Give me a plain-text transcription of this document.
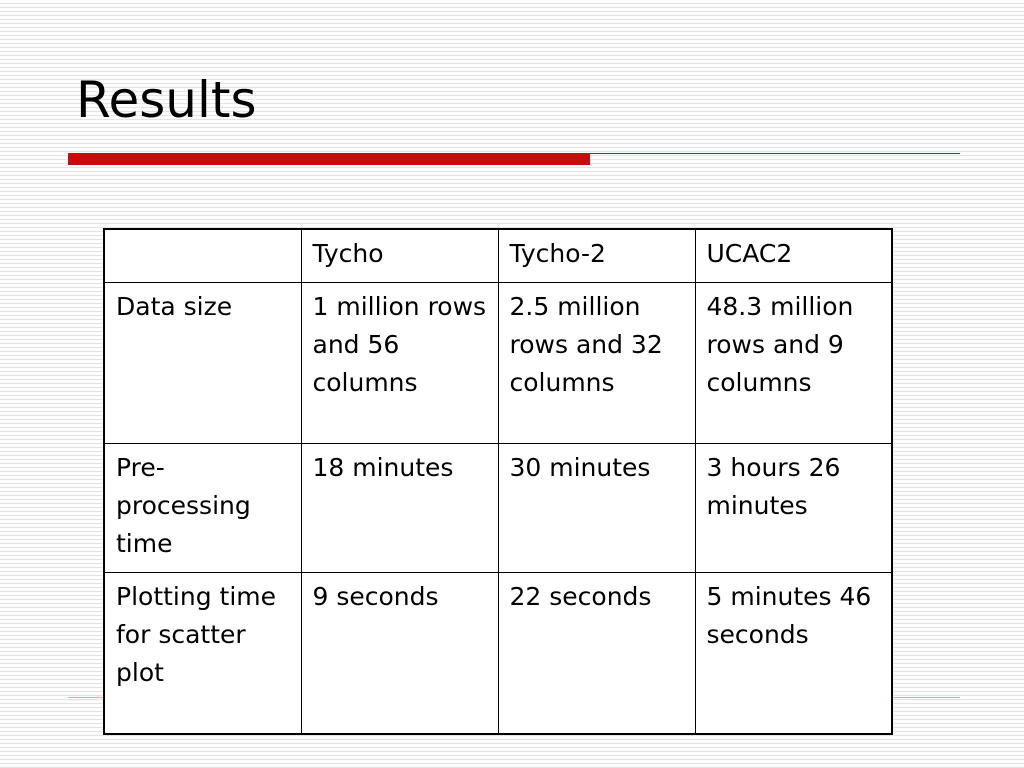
Results
	Tycho	Tycho-2	UCAC2
Data size	1 million rows and 56 columns	2.5 million rows and 32 columns	48.3 million rows and 9 columns
Pre-processing time	18 minutes	30 minutes	3 hours 26 minutes
Plotting time for scatter plot	9 seconds	22 seconds	5 minutes 46 seconds
